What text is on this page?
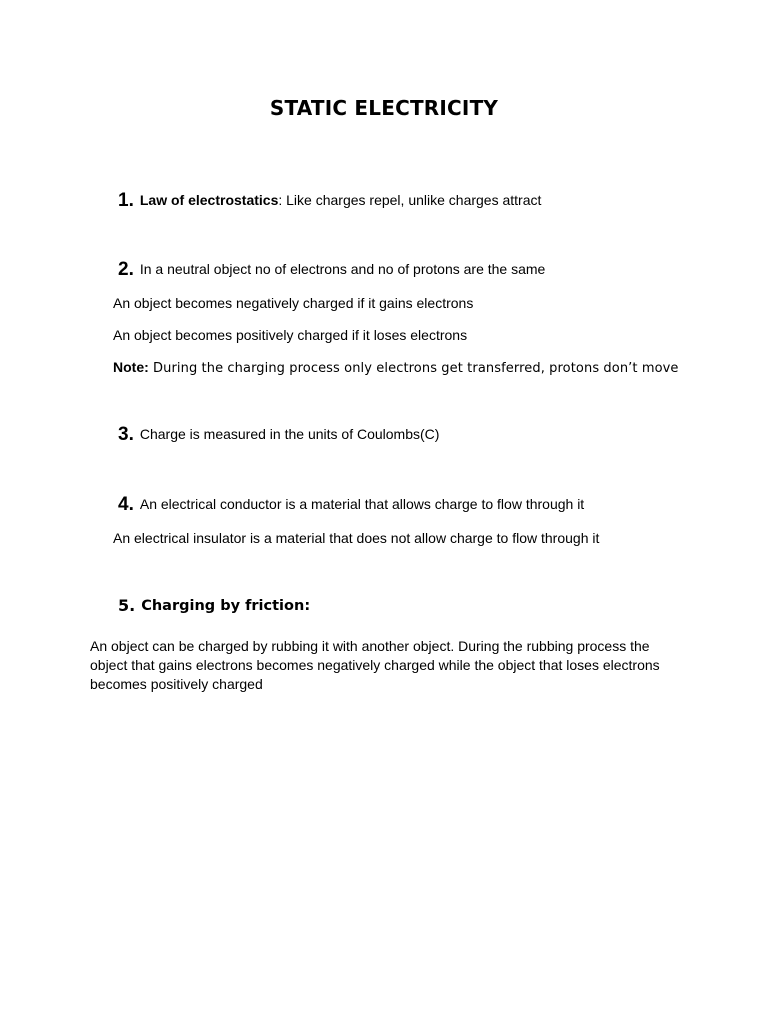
STATIC ELECTRICITY
1. Law of electrostatics: Like charges repel, unlike charges attract
2. In a neutral object no of electrons and no of protons are the same
An object becomes negatively charged if it gains electrons
An object becomes positively charged if it loses electrons
Note: During the charging process only electrons get transferred, protons don’t move
3. Charge is measured in the units of Coulombs(C)
4. An electrical conductor is a material that allows charge to flow through it
An electrical insulator is a material that does not allow charge to flow through it
5. Charging by friction:
An object can be charged by rubbing it with another object. During the rubbing process the object that gains electrons becomes negatively charged while the object that loses electrons becomes positively charged
